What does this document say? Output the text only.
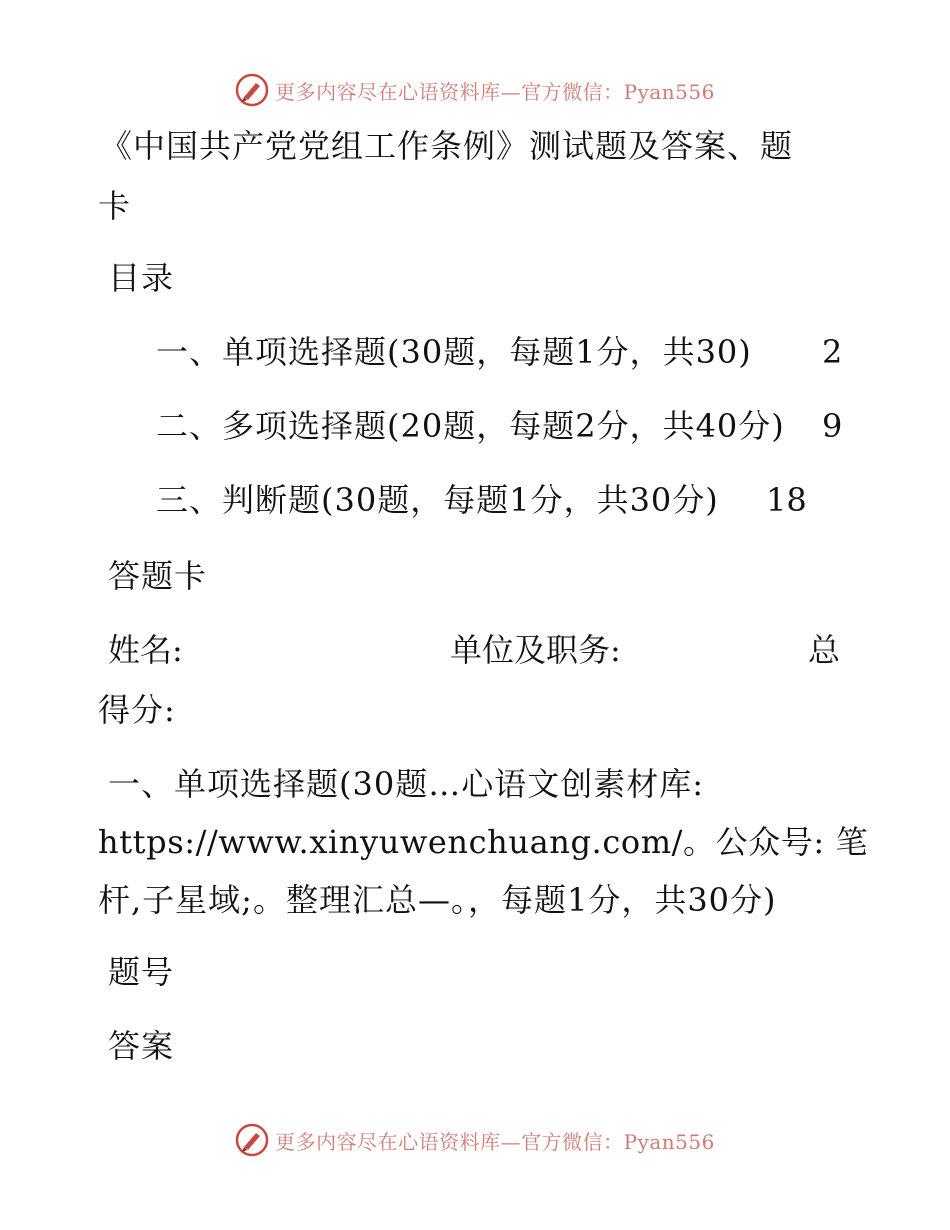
更多内容尽在心语资料库—官方微信：Pyan556
《中国共产党党组工作条例》测试题及答案、题
卡
目录
一、单项选择题(30题，每题1分，共30) 2
二、多项选择题(20题，每题2分，共40分) 9
三、判断题(30题，每题1分，共30分) 18
答题卡
姓名:	单位及职务:	总
得分:
一、单项选择题(30题…心语文创素材库:
https://www.xinyuwenchuang.com/。公众号: 笔
杆,子星域;。整理汇总—。，每题1分，共30分)
题号
答案
更多内容尽在心语资料库—官方微信：Pyan556
